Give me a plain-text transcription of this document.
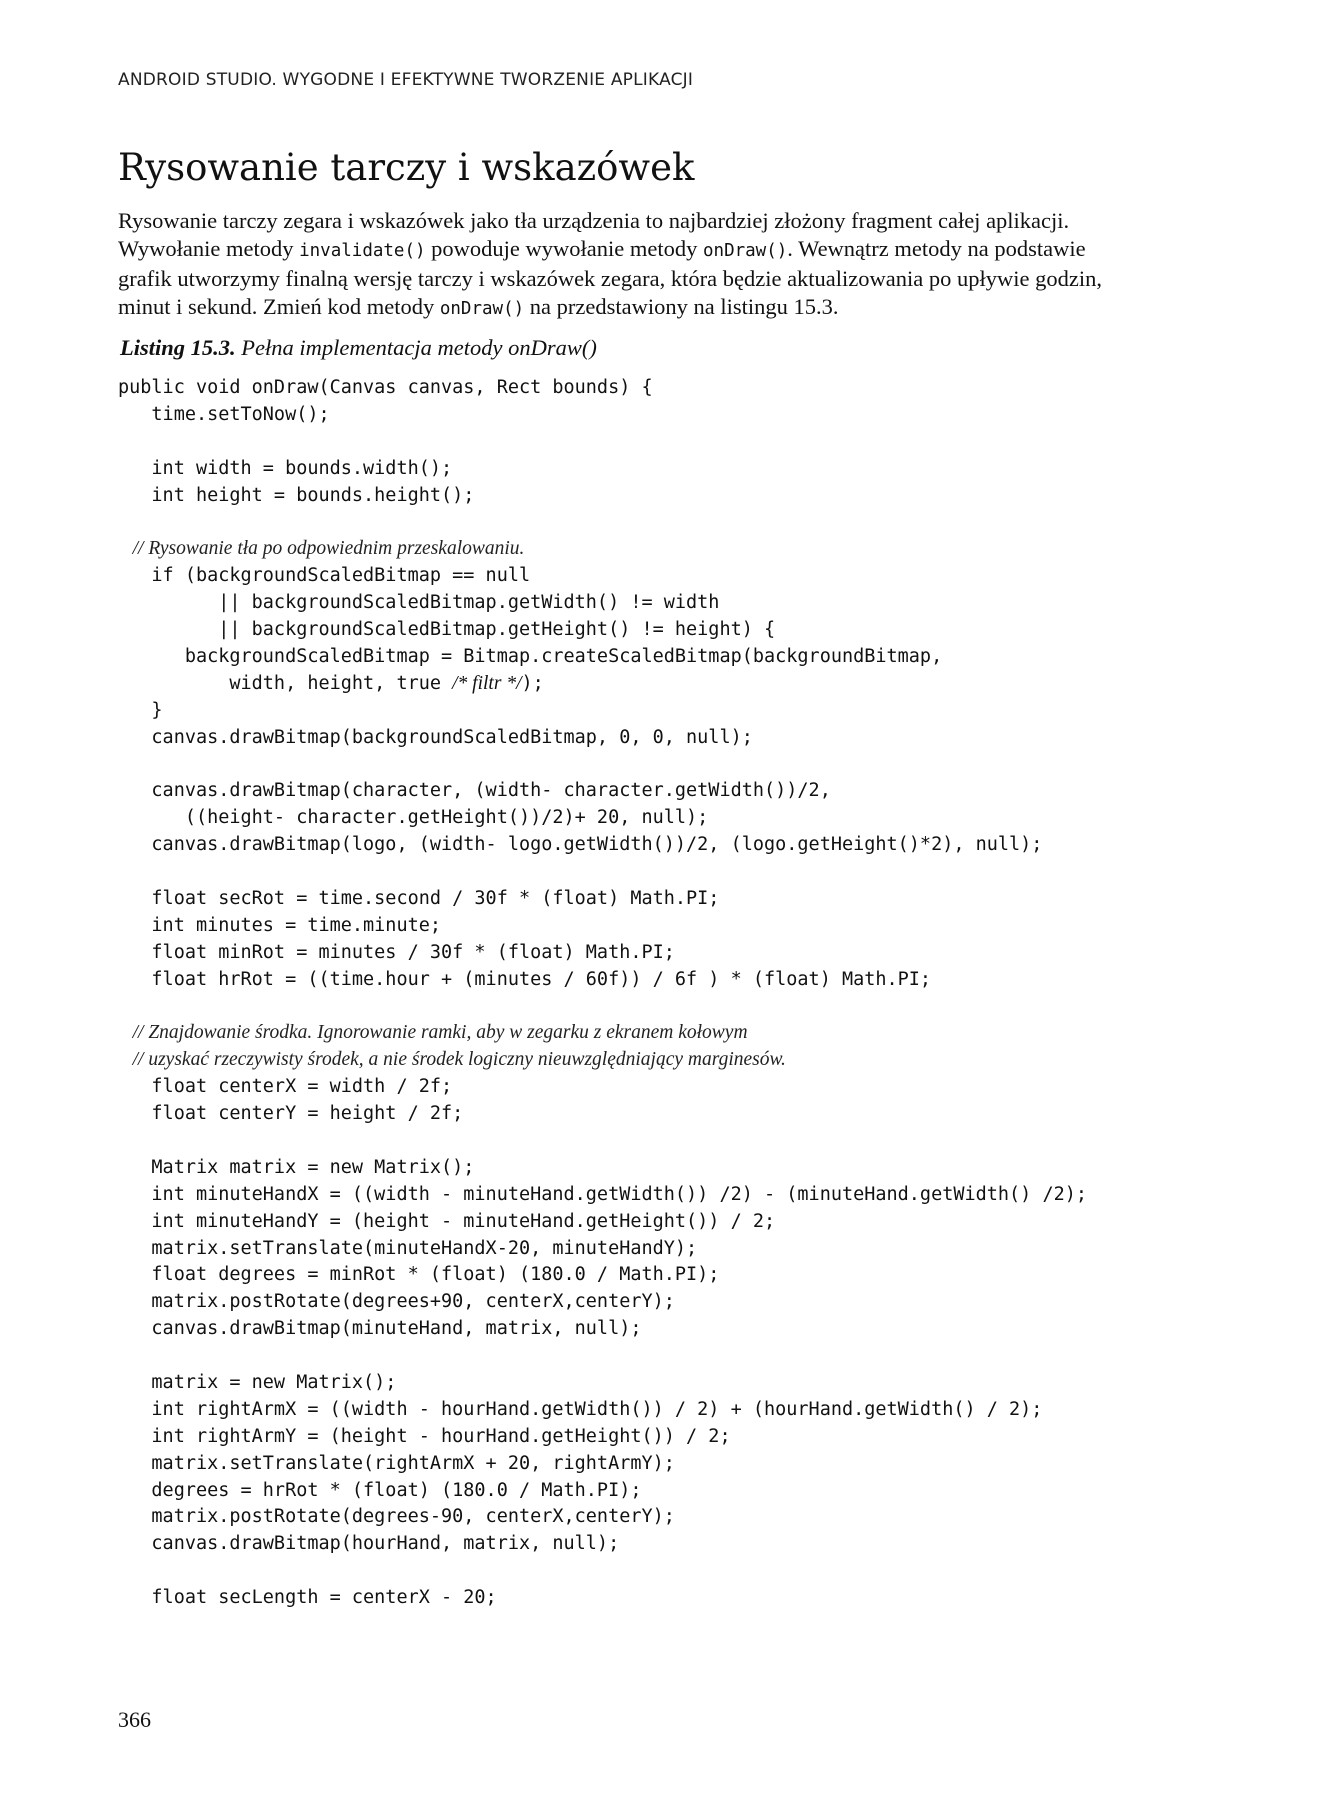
ANDROID STUDIO. WYGODNE I EFEKTYWNE TWORZENIE APLIKACJI
Rysowanie tarczy i wskazówek
Rysowanie tarczy zegara i wskazówek jako tła urządzenia to najbardziej złożony fragment całej aplikacji.
Wywołanie metody invalidate() powoduje wywołanie metody onDraw(). Wewnątrz metody na podstawie
grafik utworzymy finalną wersję tarczy i wskazówek zegara, która będzie aktualizowania po upływie godzin,
minut i sekund. Zmień kod metody onDraw() na przedstawiony na listingu 15.3.
Listing 15.3. Pełna implementacja metody onDraw()
public void onDraw(Canvas canvas, Rect bounds) {
time.setToNow();
int width = bounds.width();
int height = bounds.height();
// Rysowanie tła po odpowiednim przeskalowaniu.
if (backgroundScaledBitmap == null
|| backgroundScaledBitmap.getWidth() != width
|| backgroundScaledBitmap.getHeight() != height) {
backgroundScaledBitmap = Bitmap.createScaledBitmap(backgroundBitmap,
width, height, true /* filtr */);
}
canvas.drawBitmap(backgroundScaledBitmap, 0, 0, null);
canvas.drawBitmap(character, (width- character.getWidth())/2,
((height- character.getHeight())/2)+ 20, null);
canvas.drawBitmap(logo, (width- logo.getWidth())/2, (logo.getHeight()*2), null);
float secRot = time.second / 30f * (float) Math.PI;
int minutes = time.minute;
float minRot = minutes / 30f * (float) Math.PI;
float hrRot = ((time.hour + (minutes / 60f)) / 6f ) * (float) Math.PI;
// Znajdowanie środka. Ignorowanie ramki, aby w zegarku z ekranem kołowym
// uzyskać rzeczywisty środek, a nie środek logiczny nieuwzględniający marginesów.
float centerX = width / 2f;
float centerY = height / 2f;
Matrix matrix = new Matrix();
int minuteHandX = ((width - minuteHand.getWidth()) /2) - (minuteHand.getWidth() /2);
int minuteHandY = (height - minuteHand.getHeight()) / 2;
matrix.setTranslate(minuteHandX-20, minuteHandY);
float degrees = minRot * (float) (180.0 / Math.PI);
matrix.postRotate(degrees+90, centerX,centerY);
canvas.drawBitmap(minuteHand, matrix, null);
matrix = new Matrix();
int rightArmX = ((width - hourHand.getWidth()) / 2) + (hourHand.getWidth() / 2);
int rightArmY = (height - hourHand.getHeight()) / 2;
matrix.setTranslate(rightArmX + 20, rightArmY);
degrees = hrRot * (float) (180.0 / Math.PI);
matrix.postRotate(degrees-90, centerX,centerY);
canvas.drawBitmap(hourHand, matrix, null);
float secLength = centerX - 20;
366
